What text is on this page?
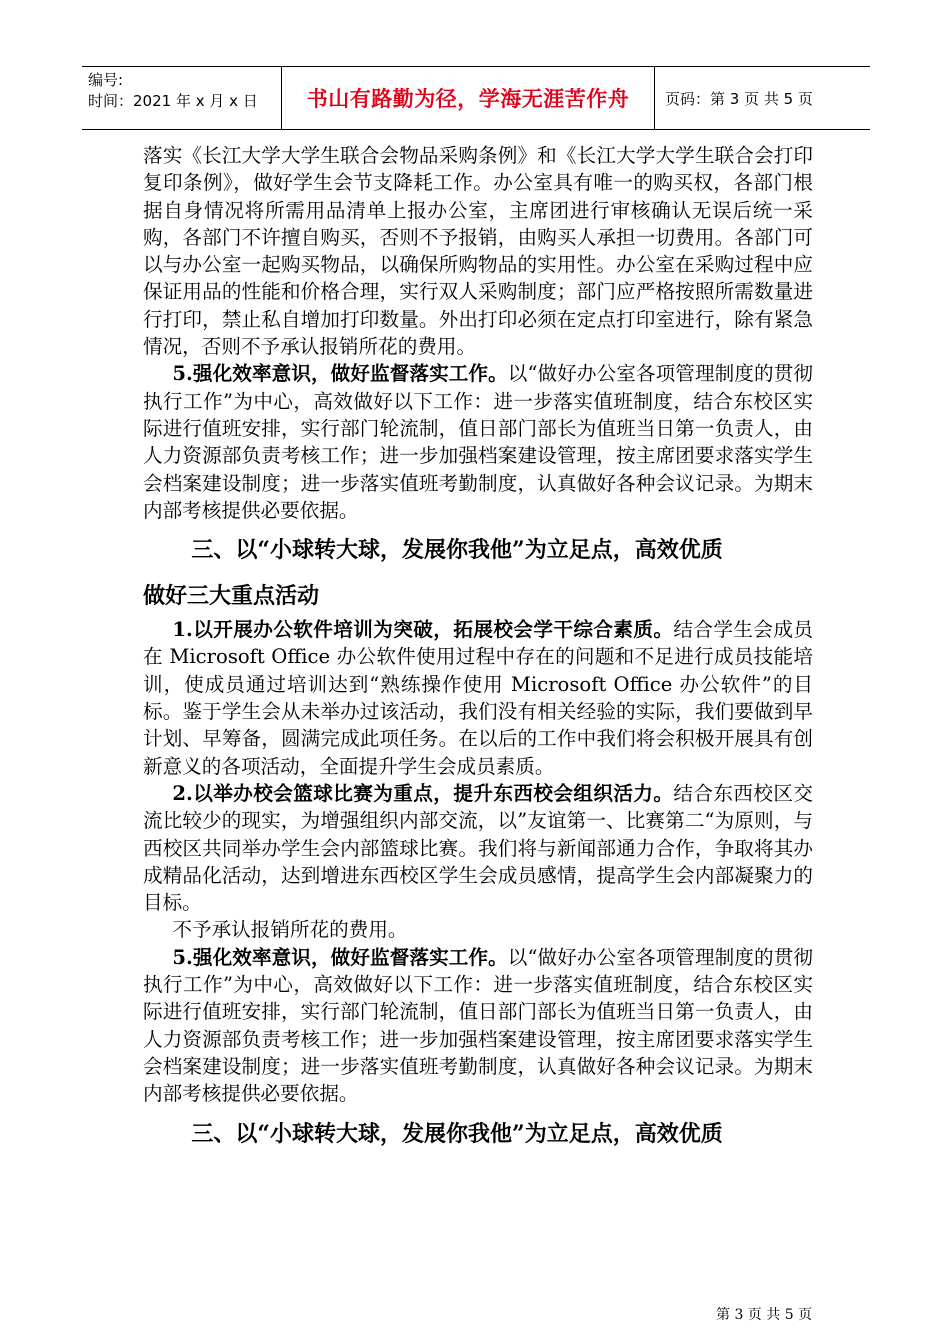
编号:
时间：2021 年 x 月 x 日	书山有路勤为径，学海无涯苦作舟	页码：第 3 页 共 5 页

落实《长江大学大学生联合会物品采购条例》和《长江大学大学生联合会打印复印条例》，做好学生会节支降耗工作。办公室具有唯一的购买权，各部门根据自身情况将所需用品清单上报办公室，主席团进行审核确认无误后统一采购，各部门不许擅自购买，否则不予报销，由购买人承担一切费用。各部门可以与办公室一起购买物品，以确保所购物品的实用性。办公室在采购过程中应保证用品的性能和价格合理，实行双人采购制度；部门应严格按照所需数量进行打印，禁止私自增加打印数量。外出打印必须在定点打印室进行，除有紧急情况，否则不予承认报销所花的费用。

5.强化效率意识，做好监督落实工作。以“做好办公室各项管理制度的贯彻执行工作”为中心，高效做好以下工作：进一步落实值班制度，结合东校区实际进行值班安排，实行部门轮流制，值日部门部长为值班当日第一负责人，由人力资源部负责考核工作；进一步加强档案建设管理，按主席团要求落实学生会档案建设制度；进一步落实值班考勤制度，认真做好各种会议记录。为期末内部考核提供必要依据。

三、以“小球转大球，发展你我他”为立足点，高效优质

做好三大重点活动

1.以开展办公软件培训为突破，拓展校会学干综合素质。结合学生会成员在 Microsoft Office 办公软件使用过程中存在的问题和不足进行成员技能培训，使成员通过培训达到“熟练操作使用 Microsoft Office 办公软件”的目标。鉴于学生会从未举办过该活动，我们没有相关经验的实际，我们要做到早计划、早筹备，圆满完成此项任务。在以后的工作中我们将会积极开展具有创新意义的各项活动，全面提升学生会成员素质。

2.以举办校会篮球比赛为重点，提升东西校会组织活力。结合东西校区交流比较少的现实，为增强组织内部交流，以”友谊第一、比赛第二“为原则，与西校区共同举办学生会内部篮球比赛。我们将与新闻部通力合作，争取将其办成精品化活动，达到增进东西校区学生会成员感情，提高学生会内部凝聚力的目标。

不予承认报销所花的费用。

5.强化效率意识，做好监督落实工作。以“做好办公室各项管理制度的贯彻执行工作”为中心，高效做好以下工作：进一步落实值班制度，结合东校区实际进行值班安排，实行部门轮流制，值日部门部长为值班当日第一负责人，由人力资源部负责考核工作；进一步加强档案建设管理，按主席团要求落实学生会档案建设制度；进一步落实值班考勤制度，认真做好各种会议记录。为期末内部考核提供必要依据。

三、以“小球转大球，发展你我他”为立足点，高效优质

第 3 页 共 5 页
